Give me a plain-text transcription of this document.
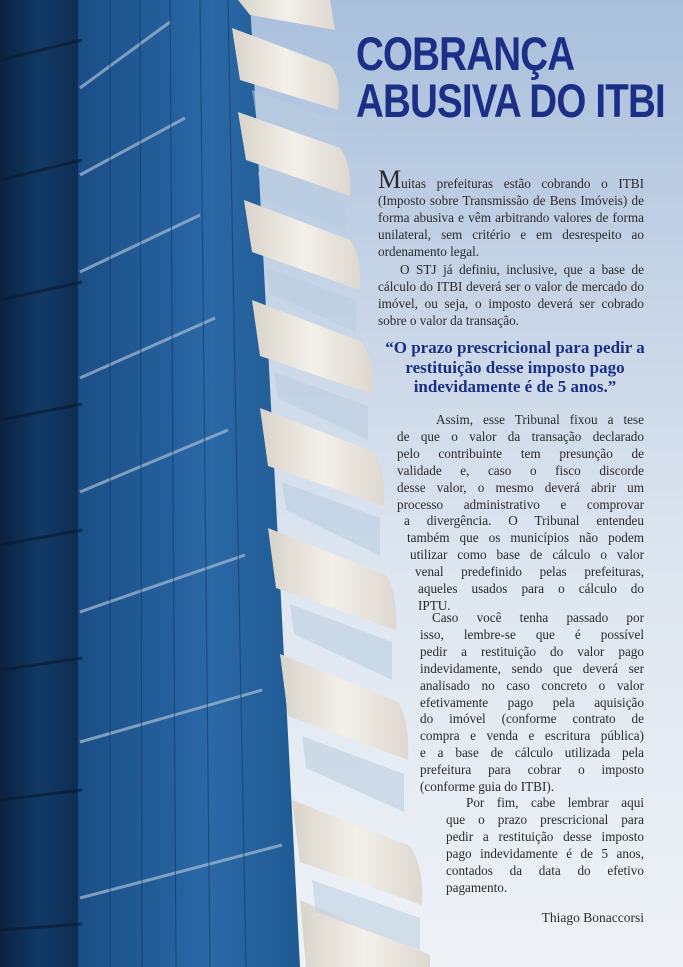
COBRANÇA
ABUSIVA DO ITBI

Muitas prefeituras estão cobrando o ITBI (Imposto sobre Transmissão de Bens Imóveis) de forma abusiva e vêm arbitrando valores de forma unilateral, sem critério e em desrespeito ao ordenamento legal.

O STJ já definiu, inclusive, que a base de cálculo do ITBI deverá ser o valor de mercado do imóvel, ou seja, o imposto deverá ser cobrado sobre o valor da transação.

“O prazo prescricional para pedir a restituição desse imposto pago indevidamente é de 5 anos.”

Assim, esse Tribunal fixou a tese
de que o valor da transação declarado
pelo contribuinte tem presunção de
validade e, caso o fisco discorde
desse valor, o mesmo deverá abrir um
processo administrativo e comprovar
a divergência. O Tribunal entendeu
também que os municípios não podem
utilizar como base de cálculo o valor
venal predefinido pelas prefeituras,
aqueles usados para o cálculo do
IPTU.
Caso você tenha passado por
isso, lembre-se que é possível
pedir a restituição do valor pago
indevidamente, sendo que deverá ser
analisado no caso concreto o valor
efetivamente pago pela aquisição
do imóvel (conforme contrato de
compra e venda e escritura pública)
e a base de cálculo utilizada pela
prefeitura para cobrar o imposto
(conforme guia do ITBI).
Por fim, cabe lembrar aqui
que o prazo prescricional para
pedir a restituição desse imposto
pago indevidamente é de 5 anos,
contados da data do efetivo
pagamento.

Thiago Bonaccorsi
